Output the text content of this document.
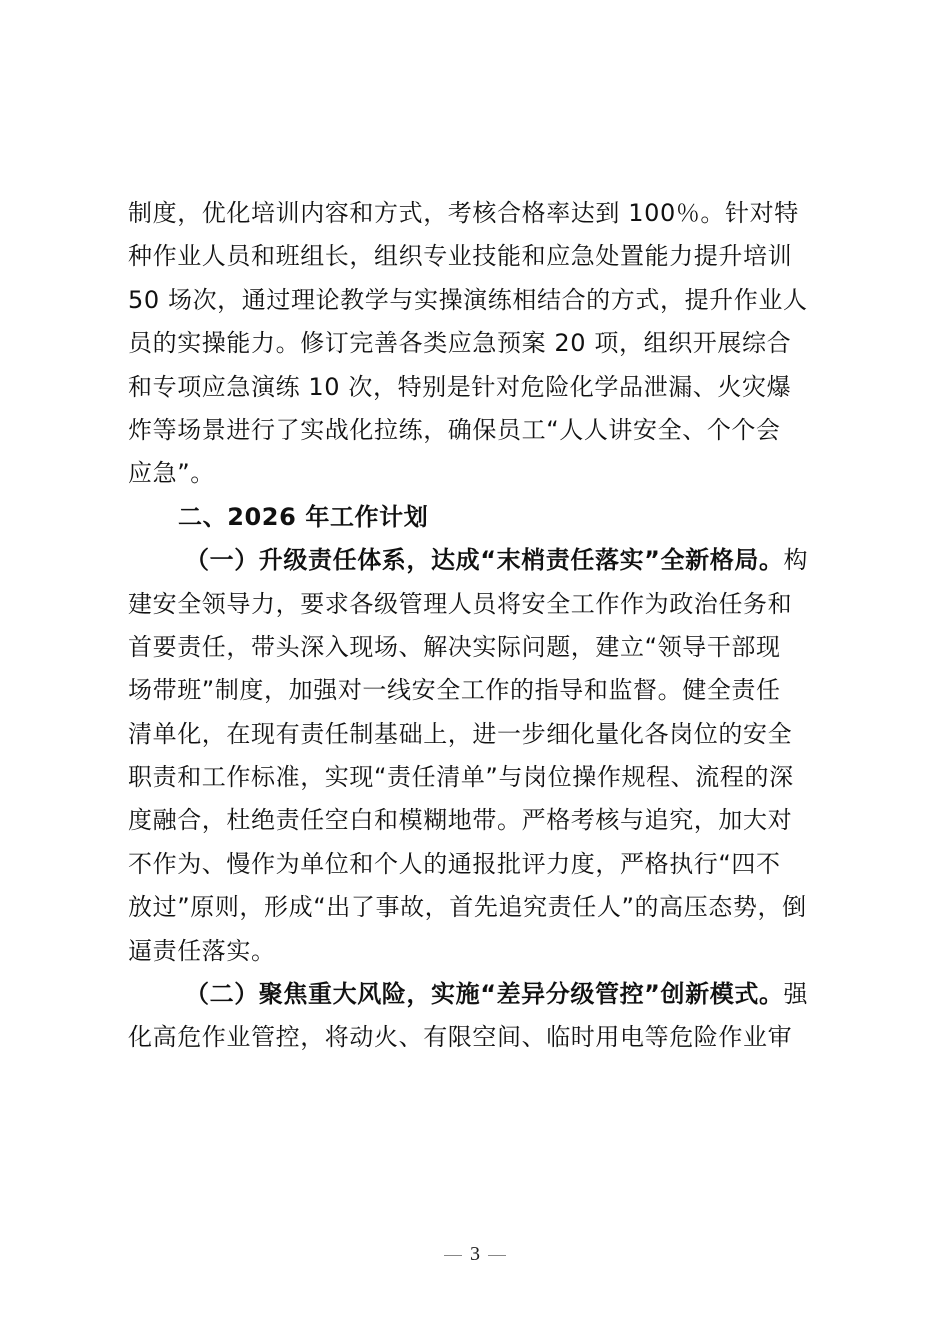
制度，优化培训内容和方式，考核合格率达到 100％。针对特
种作业人员和班组长，组织专业技能和应急处置能力提升培训
50 场次，通过理论教学与实操演练相结合的方式，提升作业人
员的实操能力。修订完善各类应急预案 20 项，组织开展综合
和专项应急演练 10 次，特别是针对危险化学品泄漏、火灾爆
炸等场景进行了实战化拉练，确保员工“人人讲安全、个个会
应急”。
二、2026 年工作计划
（一）升级责任体系，达成“末梢责任落实”全新格局。构
建安全领导力，要求各级管理人员将安全工作作为政治任务和
首要责任，带头深入现场、解决实际问题，建立“领导干部现
场带班”制度，加强对一线安全工作的指导和监督。健全责任
清单化，在现有责任制基础上，进一步细化量化各岗位的安全
职责和工作标准，实现“责任清单”与岗位操作规程、流程的深
度融合，杜绝责任空白和模糊地带。严格考核与追究，加大对
不作为、慢作为单位和个人的通报批评力度，严格执行“四不
放过”原则，形成“出了事故，首先追究责任人”的高压态势，倒
逼责任落实。
（二）聚焦重大风险，实施“差异分级管控”创新模式。强
化高危作业管控，将动火、有限空间、临时用电等危险作业审
3
